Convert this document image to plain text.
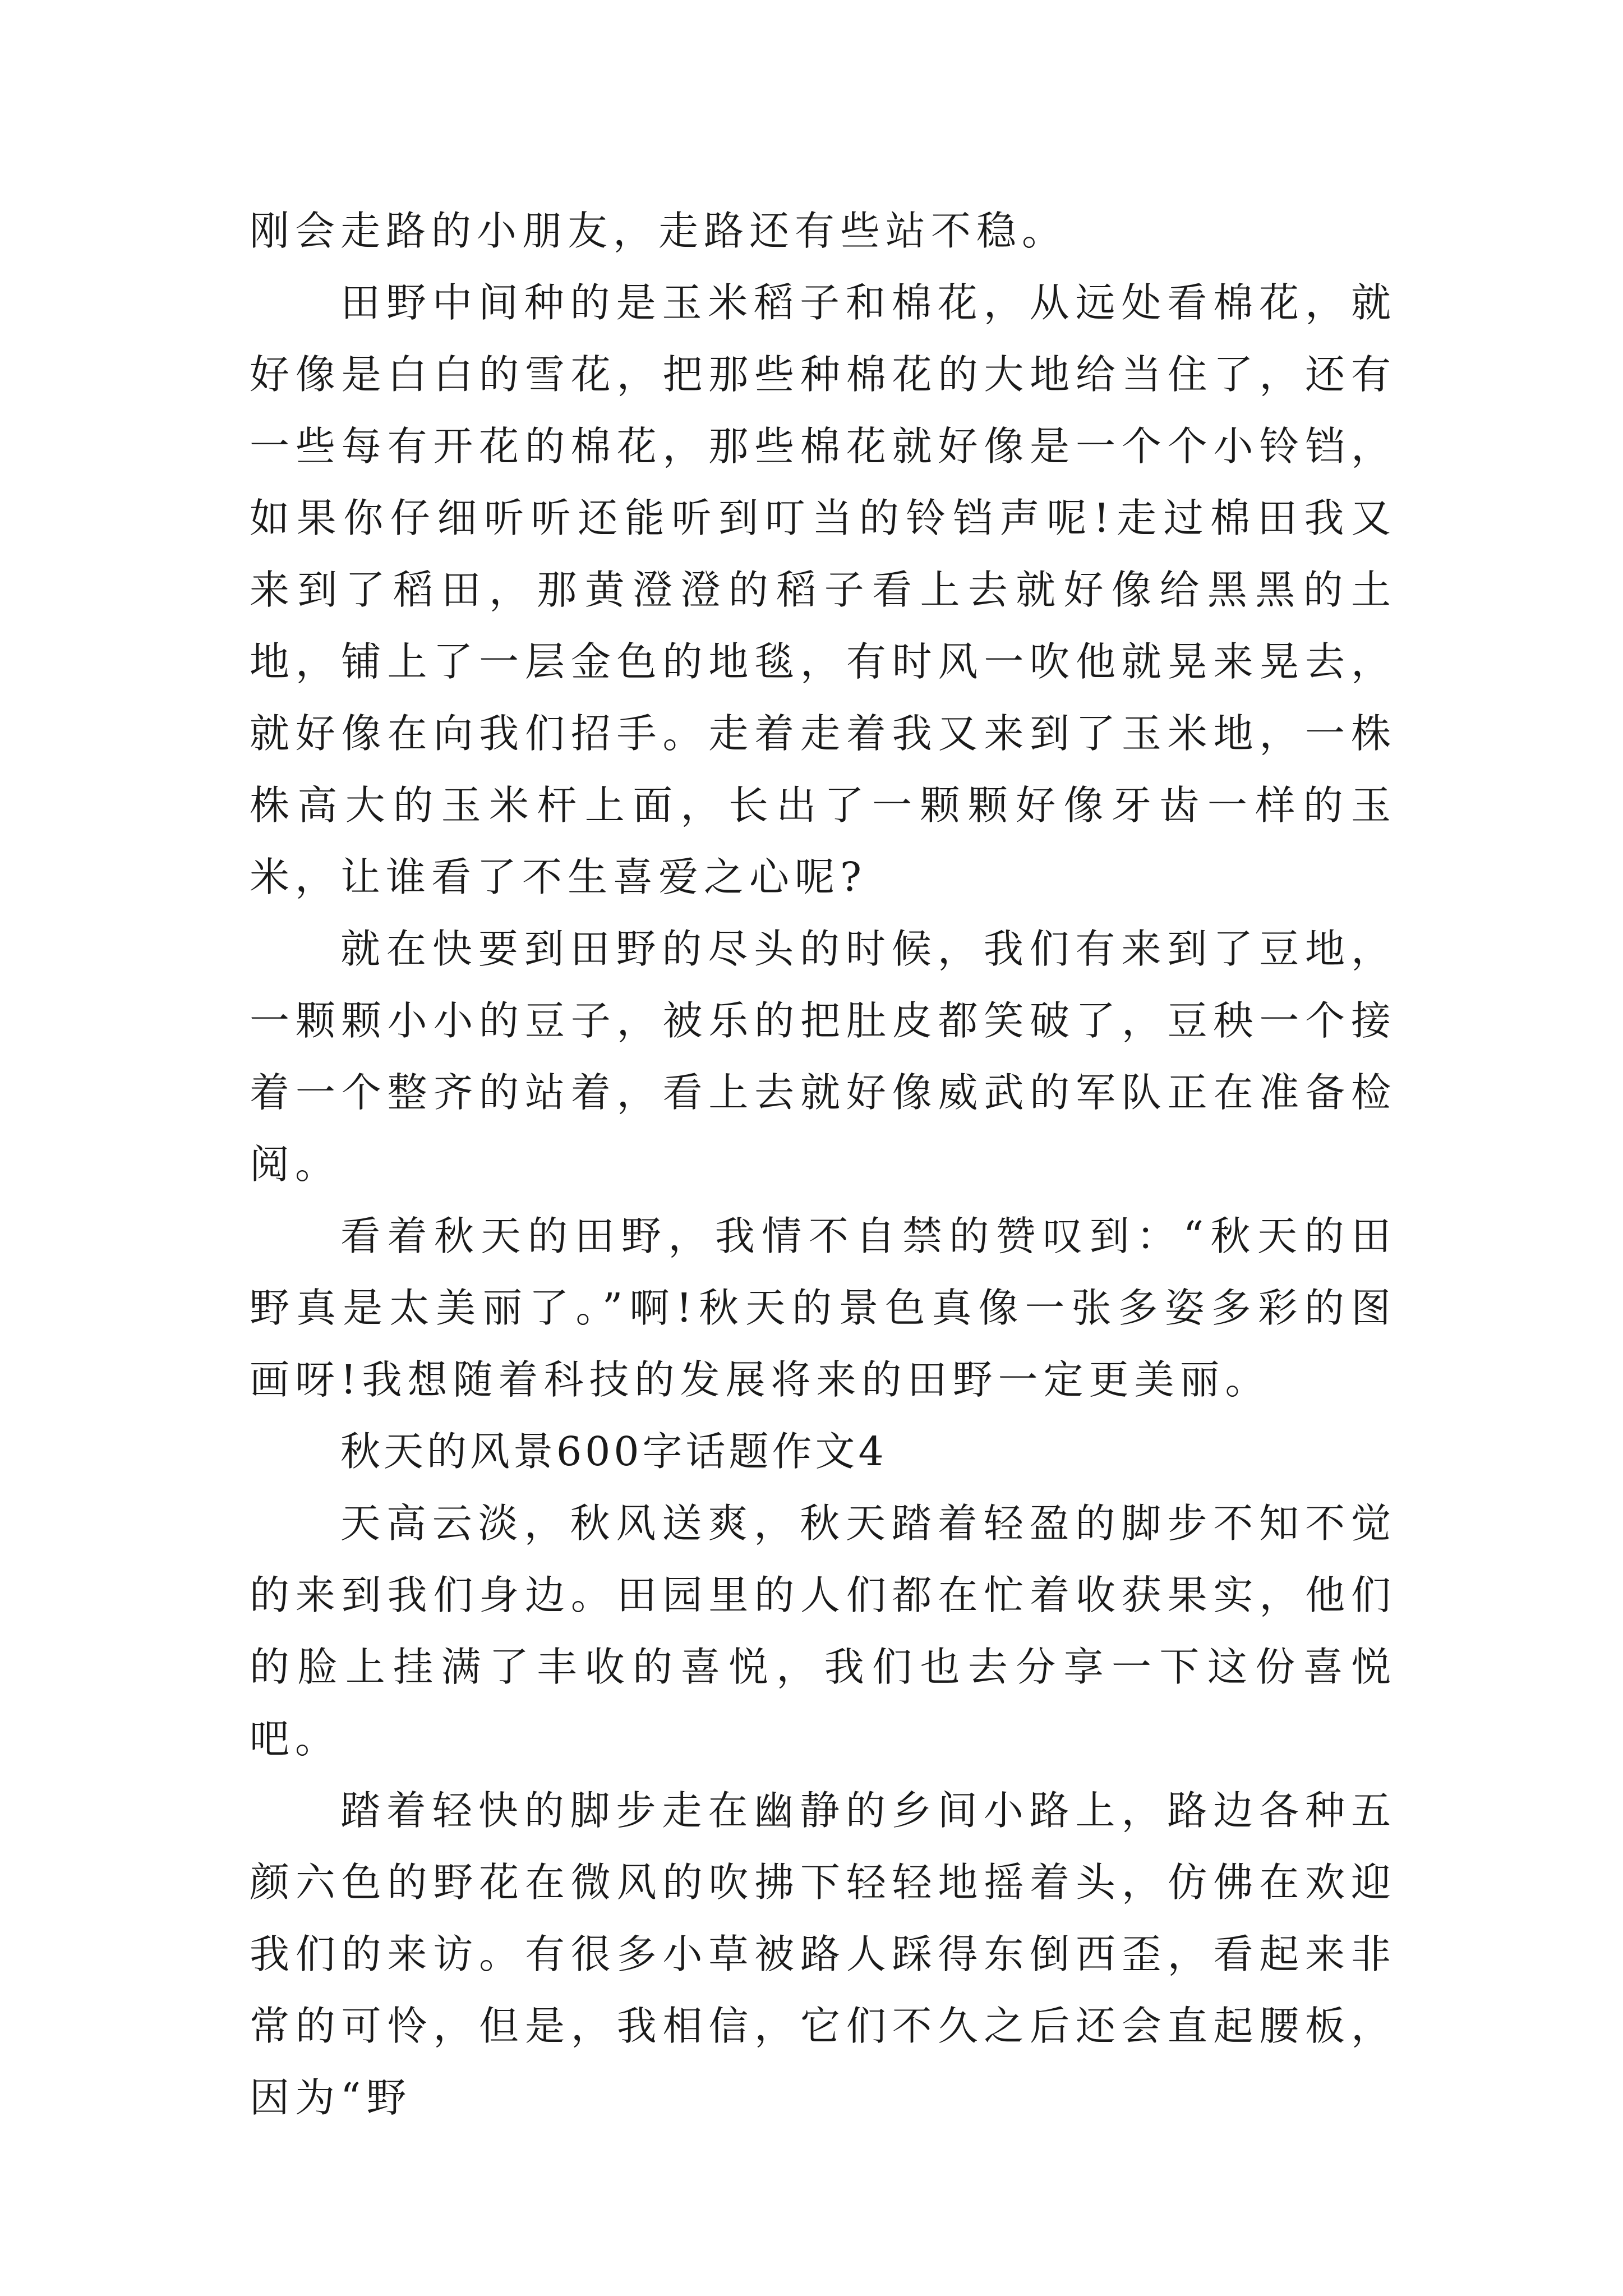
刚会走路的小朋友，走路还有些站不稳。

田野中间种的是玉米稻子和棉花，从远处看棉花，就好像是白白的雪花，把那些种棉花的大地给当住了，还有一些每有开花的棉花，那些棉花就好像是一个个小铃铛，如果你仔细听听还能听到叮当的铃铛声呢!走过棉田我又来到了稻田，那黄澄澄的稻子看上去就好像给黑黑的土地，铺上了一层金色的地毯，有时风一吹他就晃来晃去，就好像在向我们招手。走着走着我又来到了玉米地，一株株高大的玉米杆上面，长出了一颗颗好像牙齿一样的玉米，让谁看了不生喜爱之心呢?

就在快要到田野的尽头的时候，我们有来到了豆地，一颗颗小小的豆子，被乐的把肚皮都笑破了，豆秧一个接着一个整齐的站着，看上去就好像威武的军队正在准备检阅。

看着秋天的田野，我情不自禁的赞叹到：“秋天的田野真是太美丽了。”啊!秋天的景色真像一张多姿多彩的图画呀!我想随着科技的发展将来的田野一定更美丽。

秋天的风景600字话题作文4

天高云淡，秋风送爽，秋天踏着轻盈的脚步不知不觉的来到我们身边。田园里的人们都在忙着收获果实，他们的脸上挂满了丰收的喜悦，我们也去分享一下这份喜悦吧。

踏着轻快的脚步走在幽静的乡间小路上，路边各种五颜六色的野花在微风的吹拂下轻轻地摇着头，仿佛在欢迎我们的来访。有很多小草被路人踩得东倒西歪，看起来非常的可怜，但是，我相信，它们不久之后还会直起腰板，因为“野
